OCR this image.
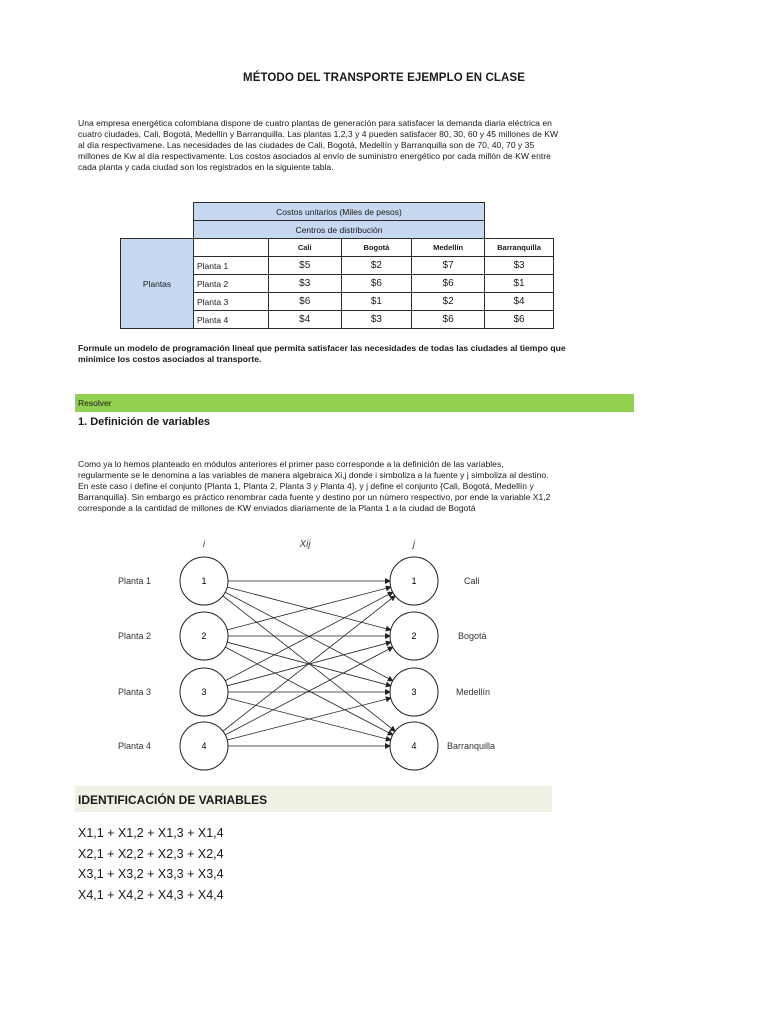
MÉTODO DEL TRANSPORTE EJEMPLO EN CLASE
Una empresa energética colombiana dispone de cuatro plantas de generación para satisfacer la demanda diaria eléctrica en
cuatro ciudades, Cali, Bogotá, Medellín y Barranquilla. Las plantas 1,2,3 y 4 pueden satisfacer 80, 30, 60 y 45 millones de KW
al día respectivamene. Las necesidades de las ciudades de Cali, Bogotá, Medellín y Barranquilla son de 70, 40, 70 y 35
millones de Kw al día respectivamente. Los costos asociados al envío de suministro energético por cada millón de KW entre
cada planta y cada ciudad son los registrados en la siguiente tabla.
	Costos unitarios (Miles de pesos)				
	Centros de distribución				
Plantas		Cali	Bogotá	Medellín	Barranquilla
	Planta 1	$5	$2	$7	$3
	Planta 2	$3	$6	$6	$1
	Planta 3	$6	$1	$2	$4
	Planta 4	$4	$3	$6	$6
Formule un modelo de programación lineal que permita satisfacer las necesidades de todas las ciudades al tiempo que
minimice los costos asociados al transporte.
Resolver
1. Definición de variables
Como ya lo hemos planteado en módulos anteriores el primer paso corresponde a la definición de las variables,
regularmente se le denomina a las variables de manera algebraica Xi,j donde i simboliza a la fuente y j simboliza al destino.
En este caso i define el conjunto {Planta 1, Planta 2, Planta 3 y Planta 4}, y j define el conjunto {Cali, Bogotá, Medellín y
Barranquilla}. Sin embargo es práctico renombrar cada fuente y destino por un número respectivo, por ende la variable X1,2
corresponde a la cantidad de millones de KW enviados diariamente de la Planta 1 a la ciudad de Bogotá
i	Xij	j
Planta 1
Planta 2
Planta 3
Planta 4
1
2
3
4
1
2
3
4
Cali
Bogotá
Medellín
Barranquilla
IDENTIFICACIÓN DE VARIABLES
X1,1 + X1,2 + X1,3 + X1,4
X2,1 + X2,2 + X2,3 + X2,4
X3,1 + X3,2 + X3,3 + X3,4
X4,1 + X4,2 + X4,3 + X4,4
